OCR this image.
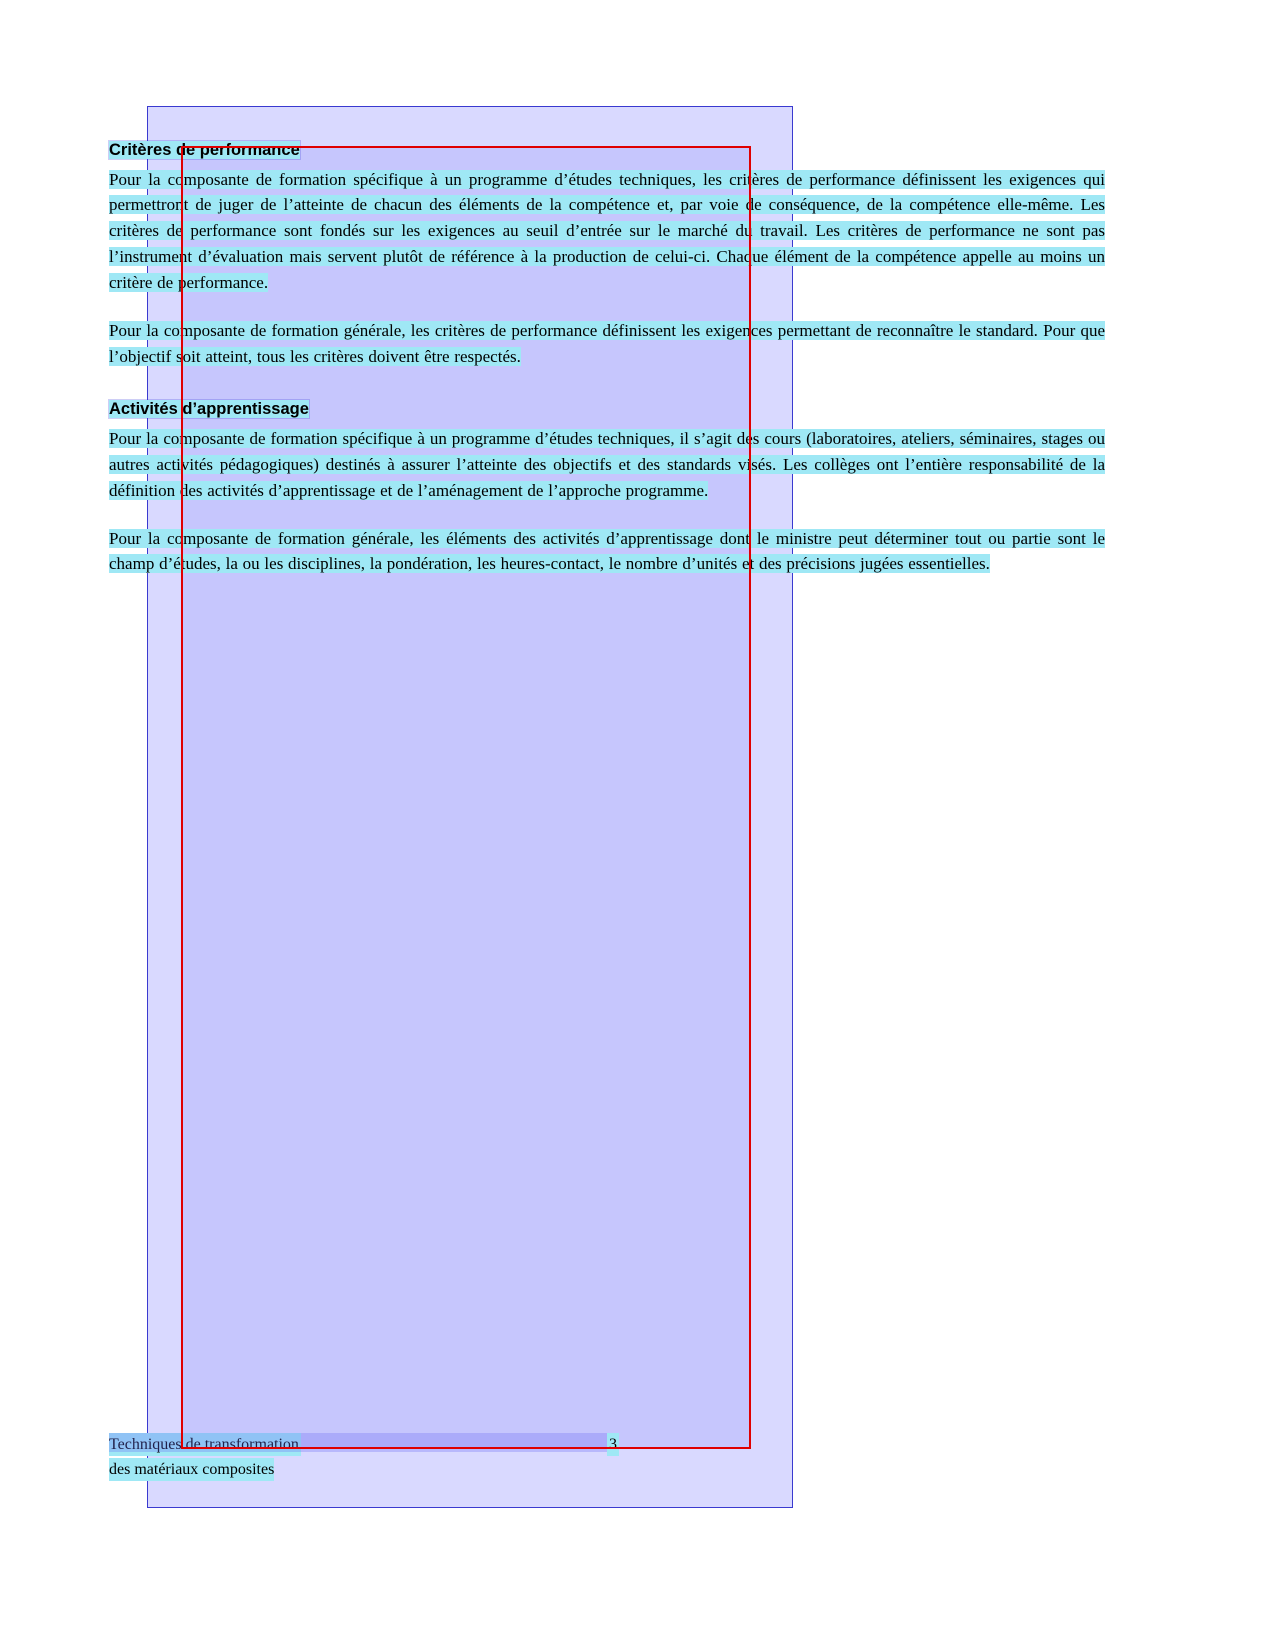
Critères de performance

Pour la composante de formation spécifique à un programme d’études techniques, les critères de performance définissent les exigences qui permettront de juger de l’atteinte de chacun des éléments de la compétence et, par voie de conséquence, de la compétence elle-même. Les critères de performance sont fondés sur les exigences au seuil d’entrée sur le marché du travail. Les critères de performance ne sont pas l’instrument d’évaluation mais servent plutôt de référence à la production de celui-ci. Chaque élément de la compétence appelle au moins un critère de performance.

Pour la composante de formation générale, les critères de performance définissent les exigences permettant de reconnaître le standard. Pour que l’objectif soit atteint, tous les critères doivent être respectés.

Activités d’apprentissage

Pour la composante de formation spécifique à un programme d’études techniques, il s’agit des cours (laboratoires, ateliers, séminaires, stages ou autres activités pédagogiques) destinés à assurer l’atteinte des objectifs et des standards visés. Les collèges ont l’entière responsabilité de la définition des activités d’apprentissage et de l’aménagement de l’approche programme.

Pour la composante de formation générale, les éléments des activités d’apprentissage dont le ministre peut déterminer tout ou partie sont le champ d’études, la ou les disciplines, la pondération, les heures-contact, le nombre d’unités et des précisions jugées essentielles.

Techniques de transformation	3
des matériaux composites
